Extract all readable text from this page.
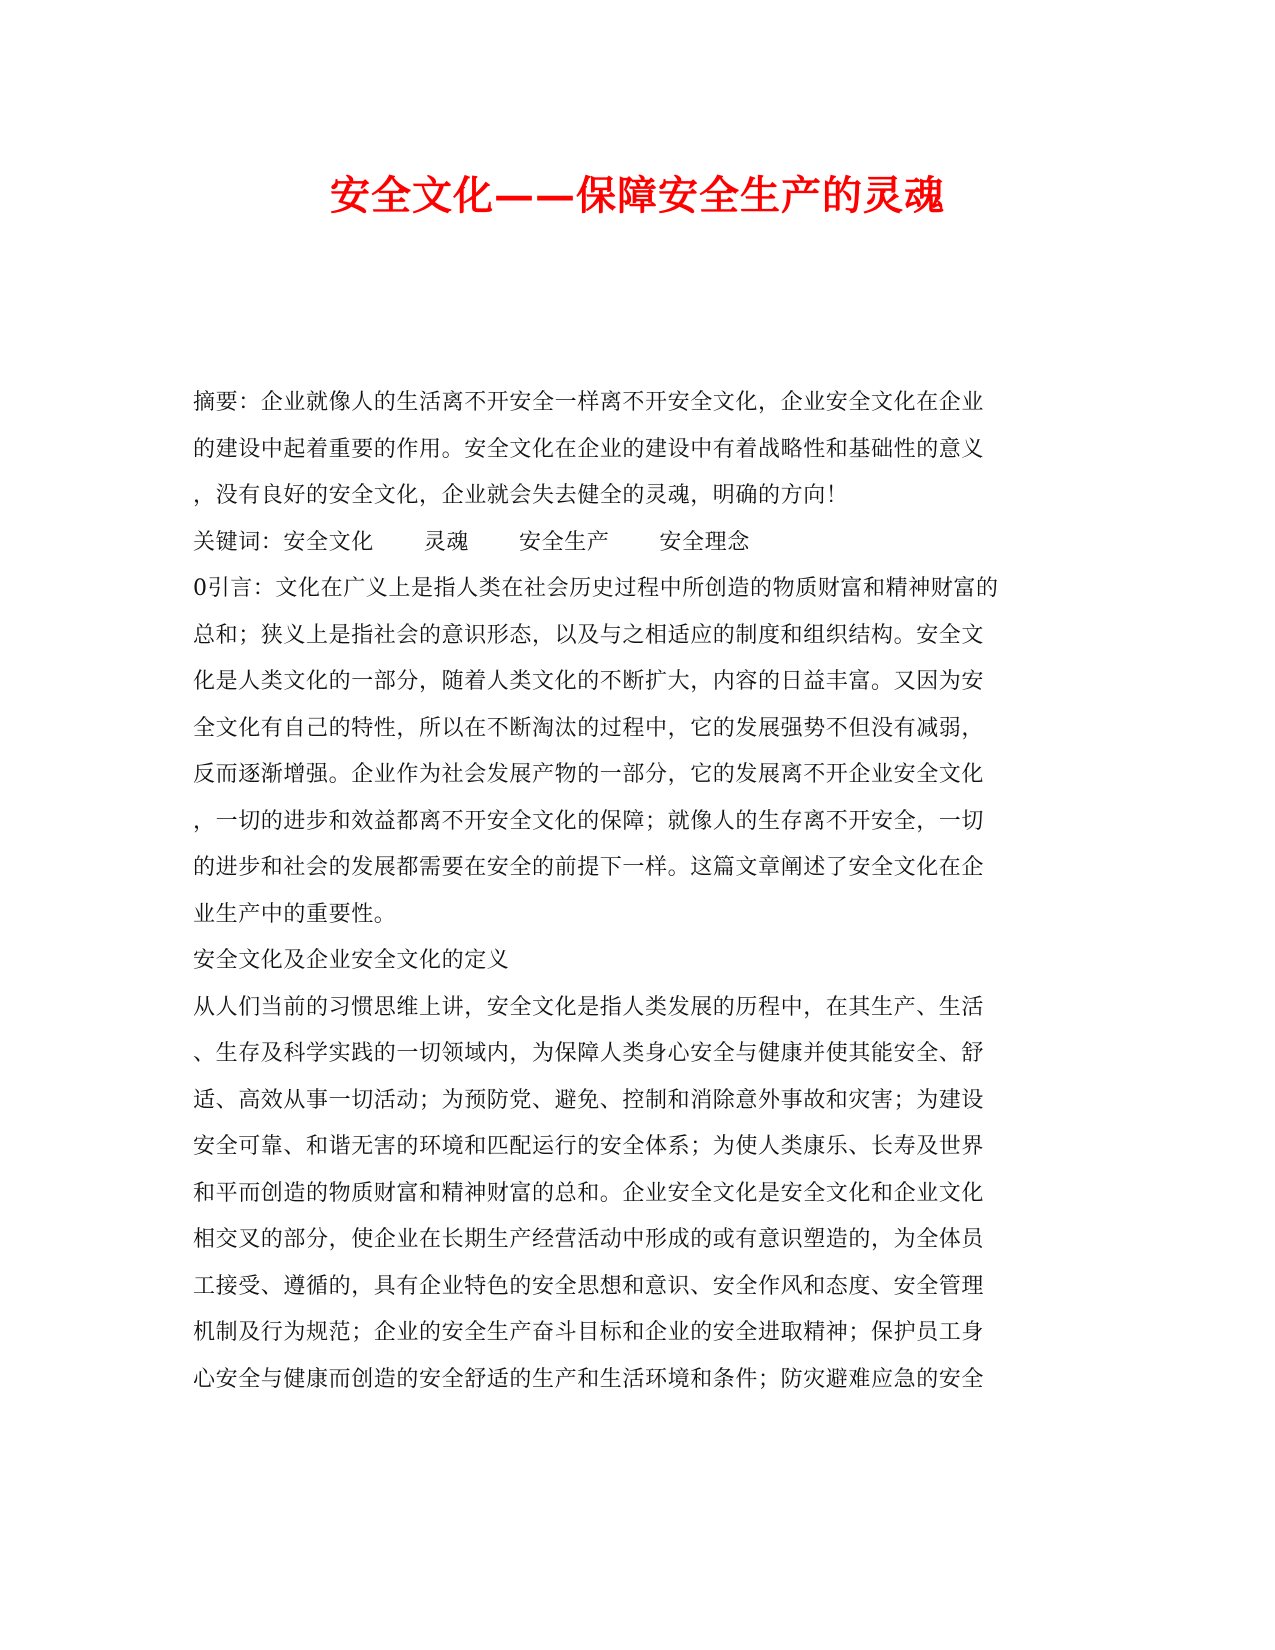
安全文化——保障安全生产的灵魂
摘要：企业就像人的生活离不开安全一样离不开安全文化，企业安全文化在企业
的建设中起着重要的作用。安全文化在企业的建设中有着战略性和基础性的意义
，没有良好的安全文化，企业就会失去健全的灵魂，明确的方向！
关键词：安全文化 灵魂 安全生产 安全理念
0引言：文化在广义上是指人类在社会历史过程中所创造的物质财富和精神财富的
总和；狭义上是指社会的意识形态，以及与之相适应的制度和组织结构。安全文
化是人类文化的一部分，随着人类文化的不断扩大，内容的日益丰富。又因为安
全文化有自己的特性，所以在不断淘汰的过程中，它的发展强势不但没有减弱，
反而逐渐增强。企业作为社会发展产物的一部分，它的发展离不开企业安全文化
，一切的进步和效益都离不开安全文化的保障；就像人的生存离不开安全，一切
的进步和社会的发展都需要在安全的前提下一样。这篇文章阐述了安全文化在企
业生产中的重要性。
安全文化及企业安全文化的定义
从人们当前的习惯思维上讲，安全文化是指人类发展的历程中，在其生产、生活
、生存及科学实践的一切领域内，为保障人类身心安全与健康并使其能安全、舒
适、高效从事一切活动；为预防党、避免、控制和消除意外事故和灾害；为建设
安全可靠、和谐无害的环境和匹配运行的安全体系；为使人类康乐、长寿及世界
和平而创造的物质财富和精神财富的总和。企业安全文化是安全文化和企业文化
相交叉的部分，使企业在长期生产经营活动中形成的或有意识塑造的，为全体员
工接受、遵循的，具有企业特色的安全思想和意识、安全作风和态度、安全管理
机制及行为规范；企业的安全生产奋斗目标和企业的安全进取精神；保护员工身
心安全与健康而创造的安全舒适的生产和生活环境和条件；防灾避难应急的安全
